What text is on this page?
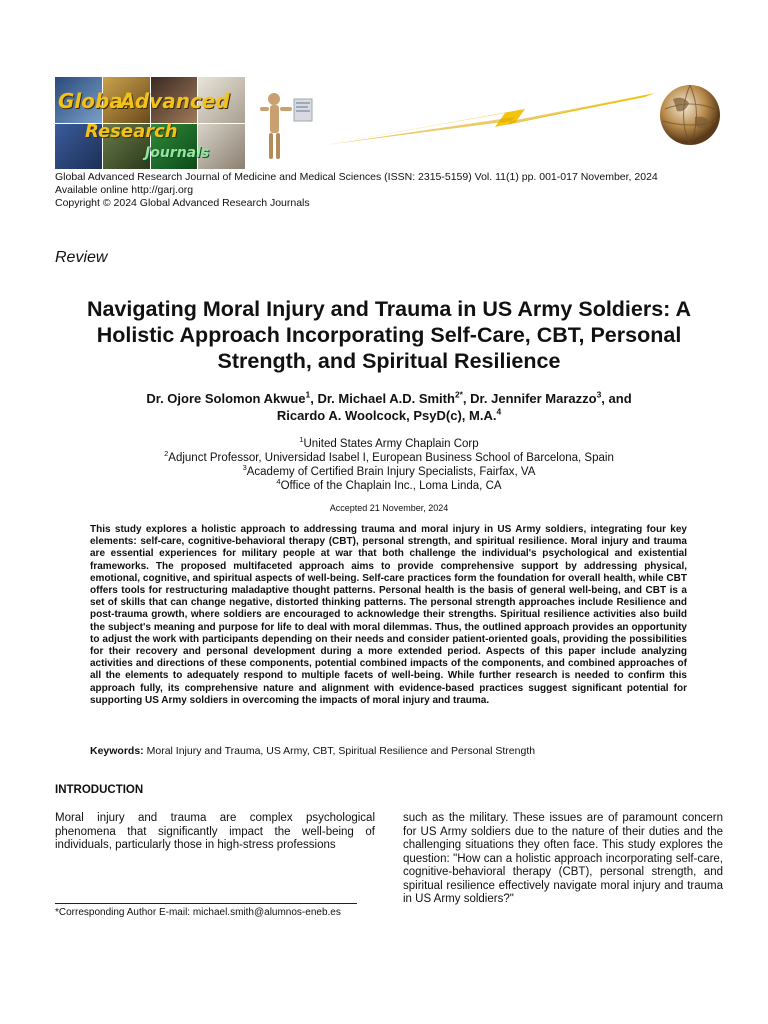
Global
Advanced
Research
Journals
Global Advanced Research Journal of Medicine and Medical Sciences (ISSN: 2315-5159) Vol. 11(1) pp. 001-017 November, 2024
Available online http://garj.org
Copyright © 2024 Global Advanced Research Journals
Review
Navigating Moral Injury and Trauma in US Army Soldiers: A Holistic Approach Incorporating Self-Care, CBT, Personal Strength, and Spiritual Resilience
Dr. Ojore Solomon Akwue$^1$, Dr. Michael A.D. Smith$^{2*}$, Dr. Jennifer Marazzo$^3$, and
Ricardo A. Woolcock, PsyD(c), M.A.$^4$
$^1$United States Army Chaplain Corp
$^2$Adjunct Professor, Universidad Isabel I, European Business School of Barcelona, Spain
$^3$Academy of Certified Brain Injury Specialists, Fairfax, VA
$^4$Office of the Chaplain Inc., Loma Linda, CA
Accepted 21 November, 2024
This study explores a holistic approach to addressing trauma and moral injury in US Army soldiers, integrating four key elements: self-care, cognitive-behavioral therapy (CBT), personal strength, and spiritual resilience. Moral injury and trauma are essential experiences for military people at war that both challenge the individual's psychological and existential frameworks. The proposed multifaceted approach aims to provide comprehensive support by addressing physical, emotional, cognitive, and spiritual aspects of well-being. Self-care practices form the foundation for overall health, while CBT offers tools for restructuring maladaptive thought patterns. Personal health is the basis of general well-being, and CBT is a set of skills that can change negative, distorted thinking patterns. The personal strength approaches include Resilience and post-trauma growth, where soldiers are encouraged to acknowledge their strengths. Spiritual resilience activities also build the subject's meaning and purpose for life to deal with moral dilemmas. Thus, the outlined approach provides an opportunity to adjust the work with participants depending on their needs and consider patient-oriented goals, providing the possibilities for their recovery and personal development during a more extended period. Aspects of this paper include analyzing activities and directions of these components, potential combined impacts of the components, and combined approaches of all the elements to adequately respond to multiple facets of well-being. While further research is needed to confirm this approach fully, its comprehensive nature and alignment with evidence-based practices suggest significant potential for supporting US Army soldiers in overcoming the impacts of moral injury and trauma.
Keywords: Moral Injury and Trauma, US Army, CBT, Spiritual Resilience and Personal Strength
INTRODUCTION
Moral injury and trauma are complex psychological phenomena that significantly impact the well-being of individuals, particularly those in high-stress professions
such as the military. These issues are of paramount concern for US Army soldiers due to the nature of their duties and the challenging situations they often face. This study explores the question: "How can a holistic approach incorporating self-care, cognitive-behavioral therapy (CBT), personal strength, and spiritual resilience effectively navigate moral injury and trauma in US Army soldiers?"
*Corresponding Author E-mail: michael.smith@alumnos-eneb.es
